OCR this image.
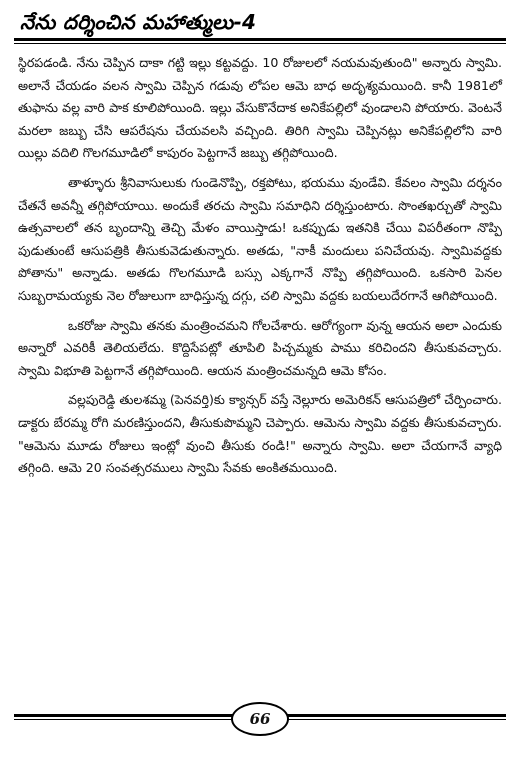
నేను దర్శించిన మహాత్ములు-4

స్థిరపడండి. నేను చెప్పిన దాకా గట్టి ఇల్లు కట్టవద్దు. 10 రోజులలో నయమవుతుంది" అన్నారు స్వామి. అలానే చేయడం వలన స్వామి చెప్పిన గడువు లోపల ఆమె బాధ అదృశ్యమయింది. కానీ 1981లో తుఫాను వల్ల వారి పాక కూలిపోయింది. ఇల్లు వేసుకొనేదాక అనికేపల్లిలో వుండాలని పోయారు. వెంటనే మరలా జబ్బు చేసి ఆపరేషను చేయవలసి వచ్చింది. తిరిగి స్వామి చెప్పినట్లు అనికేపల్లిలోని వారి యిల్లు వదిలి గొలగమూడిలో కాపురం పెట్టగానే జబ్బు తగ్గిపోయింది.

తాళ్ళూరు శ్రీనివాసులుకు గుండెనొప్పి, రక్తపోటు, భయము వుండేవి. కేవలం స్వామి దర్శనం చేతనే అవన్నీ తగ్గిపోయాయి. అందుకే తరచు స్వామి సమాధిని దర్శిస్తుంటారు. సొంతఖర్చుతో స్వామి ఉత్సవాలలో తన బృందాన్ని తెచ్చి మేళం వాయిస్తాడు! ఒకప్పుడు ఇతనికి చేయి విపరీతంగా నొప్పి పుడుతుంటే ఆసుపత్రికి తీసుకువెడుతున్నారు. అతడు, "నాకీ మందులు పనిచేయవు. స్వామివద్దకు పోతాను" అన్నాడు. అతడు గొలగమూడి బస్సు ఎక్కగానే నొప్పి తగ్గిపోయింది. ఒకసారి పెనల సుబ్బరామయ్యకు నెల రోజులుగా బాధిస్తున్న దగ్గు, చలి స్వామి వద్దకు బయలుదేరగానే ఆగిపోయింది.

ఒకరోజు స్వామి తనకు మంత్రించమని గోలచేశారు. ఆరోగ్యంగా వున్న ఆయన అలా ఎందుకు అన్నారో ఎవరికీ తెలియలేదు. కొద్దిసేపట్లో తూపిలి పిచ్చమ్మకు పాము కరిచిందని తీసుకువచ్చారు. స్వామి విభూతి పెట్టగానే తగ్గిపోయింది. ఆయన మంత్రించమన్నది ఆమె కోసం.

వల్లపురెడ్డి తులశమ్మ (పెనవర్తి)కు క్యాన్సర్ వస్తే నెల్లూరు అమెరికన్ ఆసుపత్రిలో చేర్పించారు. డాక్టరు బేరమ్మ రోగి మరణిస్తుందని, తీసుకుపొమ్మని చెప్పారు. ఆమెను స్వామి వద్దకు తీసుకువచ్చారు. "ఆమెను మూడు రోజులు ఇంట్లో వుంచి తీసుకు రండి!" అన్నారు స్వామి. అలా చేయగానే వ్యాధి తగ్గింది. ఆమె 20 సంవత్సరములు స్వామి సేవకు అంకితమయింది.

66
